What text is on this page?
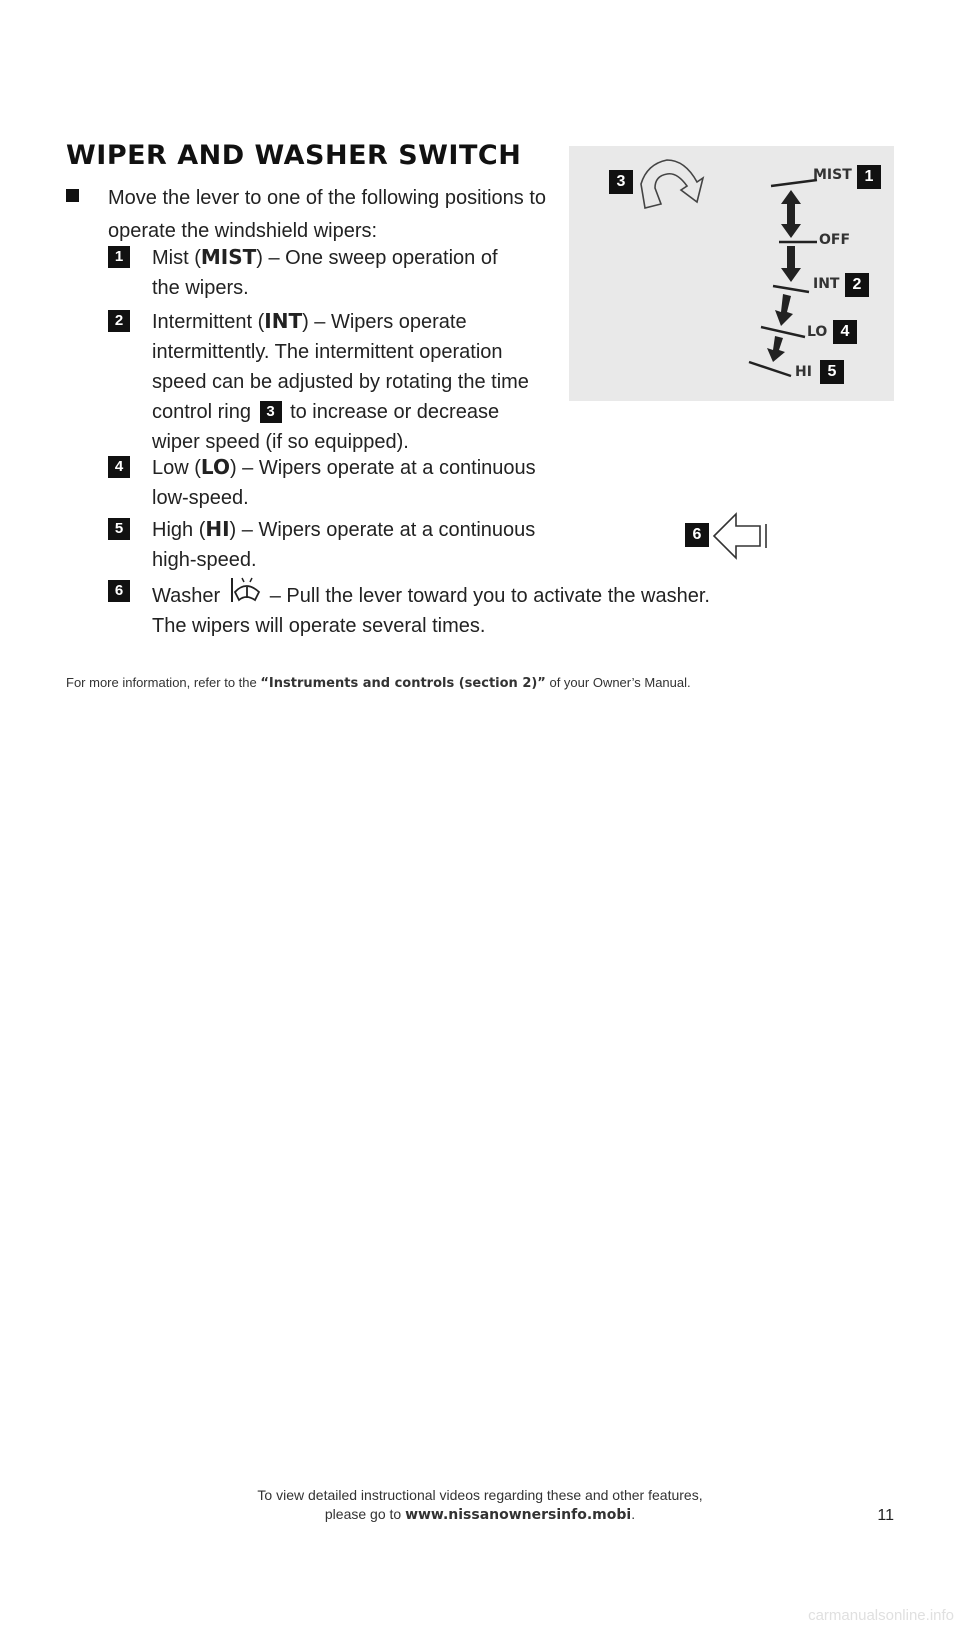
WIPER AND WASHER SWITCH
Move the lever to one of the following positions to operate the windshield wipers:
1	Mist (MIST) – One sweep operation of the wipers.
2	Intermittent (INT) – Wipers operate intermittently. The intermittent operation speed can be adjusted by rotating the time control ring 3 to increase or decrease wiper speed (if so equipped).
4	Low (LO) – Wipers operate at a continuous low-speed.
5	High (HI) – Wipers operate at a continuous high-speed.
6	Washer – Pull the lever toward you to activate the washer. The wipers will operate several times.
3	MIST 1
OFF
INT 2
LO 4
HI 5
6
For more information, refer to the “Instruments and controls (section 2)” of your Owner’s Manual.
To view detailed instructional videos regarding these and other features,
please go to www.nissanownersinfo.mobi.	11
carmanualsonline.info
